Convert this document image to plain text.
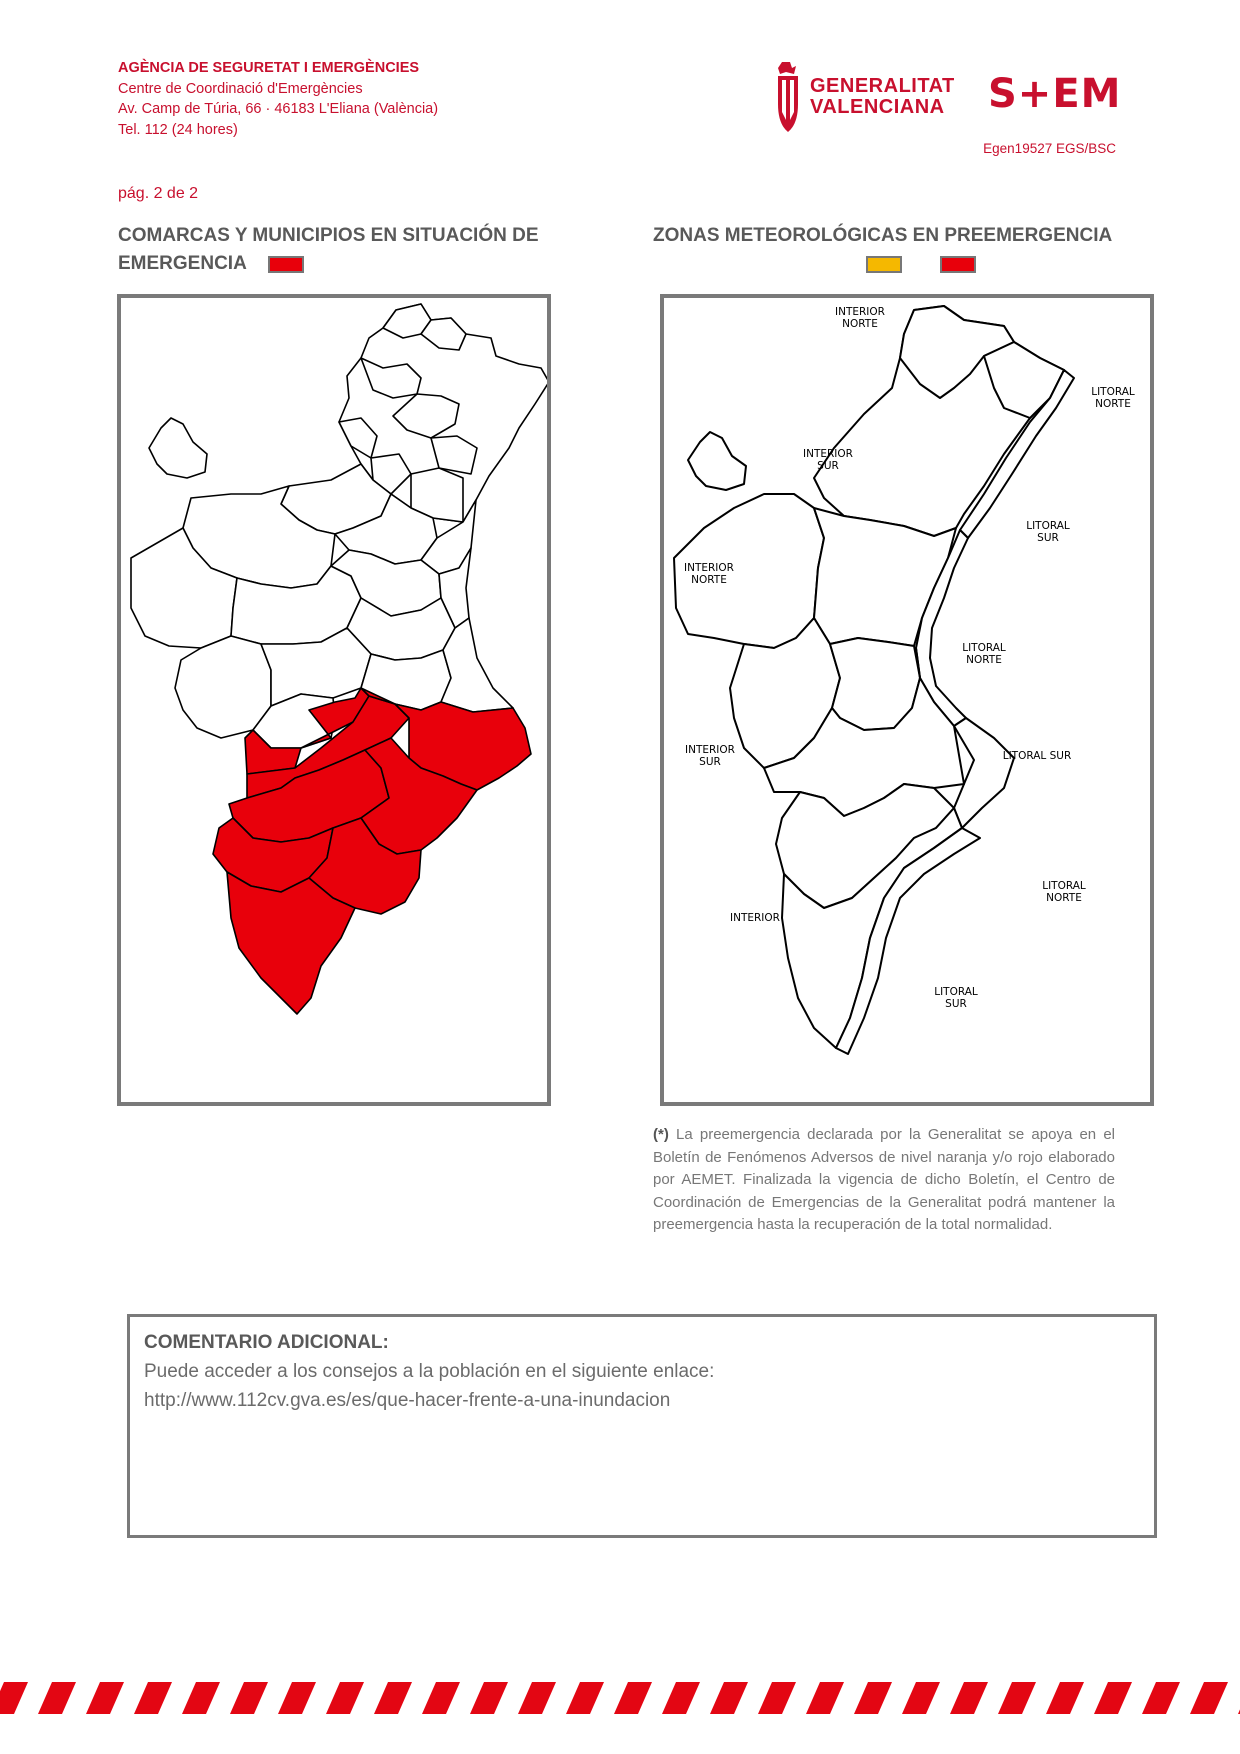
AGÈNCIA DE SEGURETAT I EMERGÈNCIES
Centre de Coordinació d'Emergències
Av. Camp de Túria, 66 · 46183 L'Eliana (València)
Tel. 112 (24 hores)
GENERALITAT
VALENCIANA S+EM
Egen19527 EGS/BSC
pág. 2 de 2
COMARCAS Y MUNICIPIOS EN SITUACIÓN DE EMERGENCIA
ZONAS METEOROLÓGICAS EN PREEMERGENCIA
INTERIOR NORTE
LITORAL NORTE
INTERIOR SUR
LITORAL SUR
INTERIOR NORTE
LITORAL NORTE
INTERIOR SUR	LITORAL SUR
LITORAL NORTE
INTERIOR
LITORAL SUR
(*) La preemergencia declarada por la Generalitat se apoya en el Boletín de Fenómenos Adversos de nivel naranja y/o rojo elaborado por AEMET. Finalizada la vigencia de dicho Boletín, el Centro de Coordinación de Emergencias de la Generalitat podrá mantener la preemergencia hasta la recuperación de la total normalidad.
COMENTARIO ADICIONAL:
Puede acceder a los consejos a la población en el siguiente enlace:
http://www.112cv.gva.es/es/que-hacer-frente-a-una-inundacion
